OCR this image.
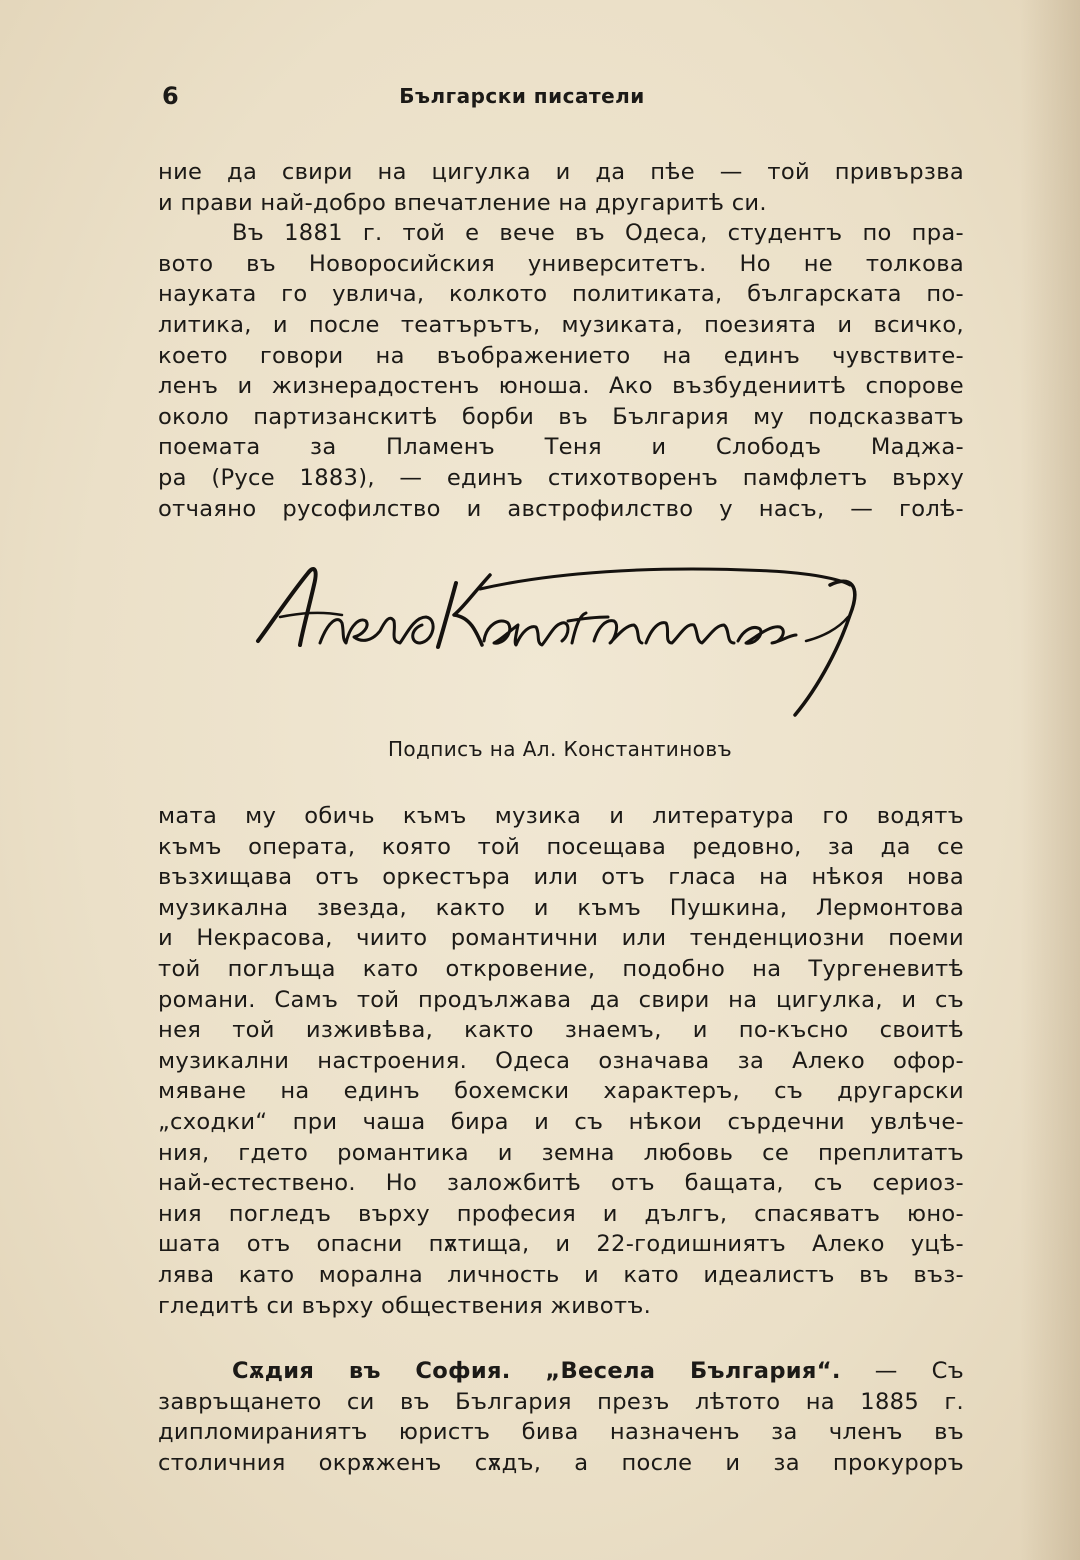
6	Български писатели
ние да свири на цигулка и да пѣе — той привързва
и прави най-добро впечатление на другаритѣ си.
Въ 1881 г. той е вече въ Одеса, студентъ по пра-
вото въ Новоросийския университетъ. Но не толкова
науката го увлича, колкото политиката, българската по-
литика, и после театърътъ, музиката, поезията и всичко,
което говори на въображението на единъ чувствите-
ленъ и жизнерадостенъ юноша. Ако възбудениитѣ спорове
около партизанскитѣ борби въ България му подсказватъ
поемата за Пламенъ Теня и Слободъ Маджа-
ра (Русе 1883), — единъ стихотворенъ памфлетъ върху
отчаяно русофилство и австрофилство у насъ, — голѣ-
Подписъ на Ал. Константиновъ
мата му обичь къмъ музика и литература го водятъ
къмъ операта, която той посещава редовно, за да се
възхищава отъ оркестъра или отъ гласа на нѣкоя нова
музикална звезда, както и къмъ Пушкина, Лермонтова
и Некрасова, чиито романтични или тенденциозни поеми
той поглъща като откровение, подобно на Тургеневитѣ
романи. Самъ той продължава да свири на цигулка, и съ
нея той изживѣва, както знаемъ, и по-късно своитѣ
музикални настроения. Одеса означава за Алеко офор-
мяване на единъ бохемски характеръ, съ другарски
„сходки“ при чаша бира и съ нѣкои сърдечни увлѣче-
ния, гдето романтика и земна любовь се преплитатъ
най-естествено. Но заложбитѣ отъ бащата, съ сериоз-
ния погледъ върху професия и дългъ, спасяватъ юно-
шата отъ опасни пѫтища, и 22-годишниятъ Алеко уцѣ-
лява като морална личность и като идеалистъ въ въз-
гледитѣ си върху обществения животъ.
Сѫдия въ София. „Весела България“. — Съ
завръщането си въ България презъ лѣтото на 1885 г.
дипломираниятъ юристъ бива назначенъ за членъ въ
столичния окрѫженъ сѫдъ, а после и за прокуроръ
